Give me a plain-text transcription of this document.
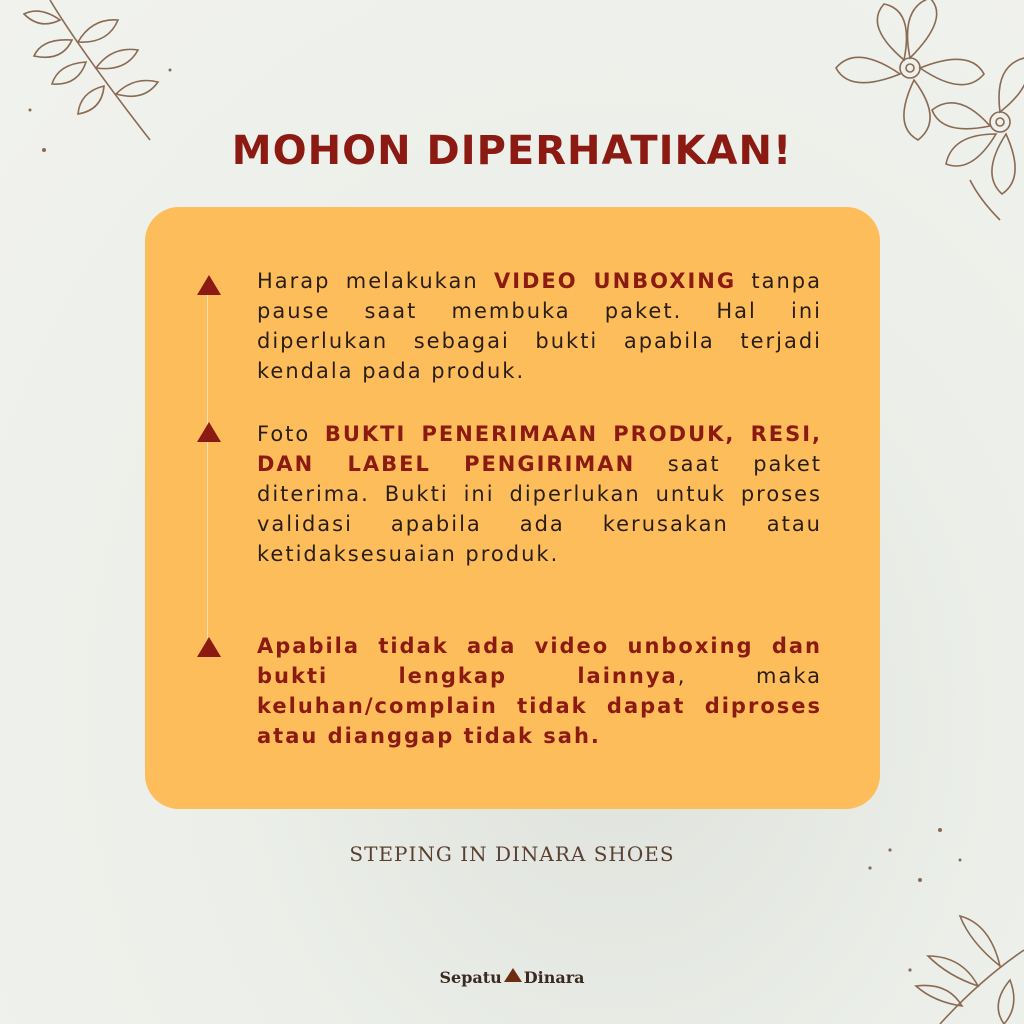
MOHON DIPERHATIKAN!

Harap melakukan VIDEO UNBOXING tanpa pause saat membuka paket. Hal ini diperlukan sebagai bukti apabila terjadi kendala pada produk.

Foto BUKTI PENERIMAAN PRODUK, RESI, DAN LABEL PENGIRIMAN saat paket diterima. Bukti ini diperlukan untuk proses validasi apabila ada kerusakan atau ketidaksesuaian produk.

Apabila tidak ada video unboxing dan bukti lengkap lainnya, maka keluhan/complain tidak dapat diproses atau dianggap tidak sah.

STEPING IN DINARA SHOES
Sepatu Dinara
